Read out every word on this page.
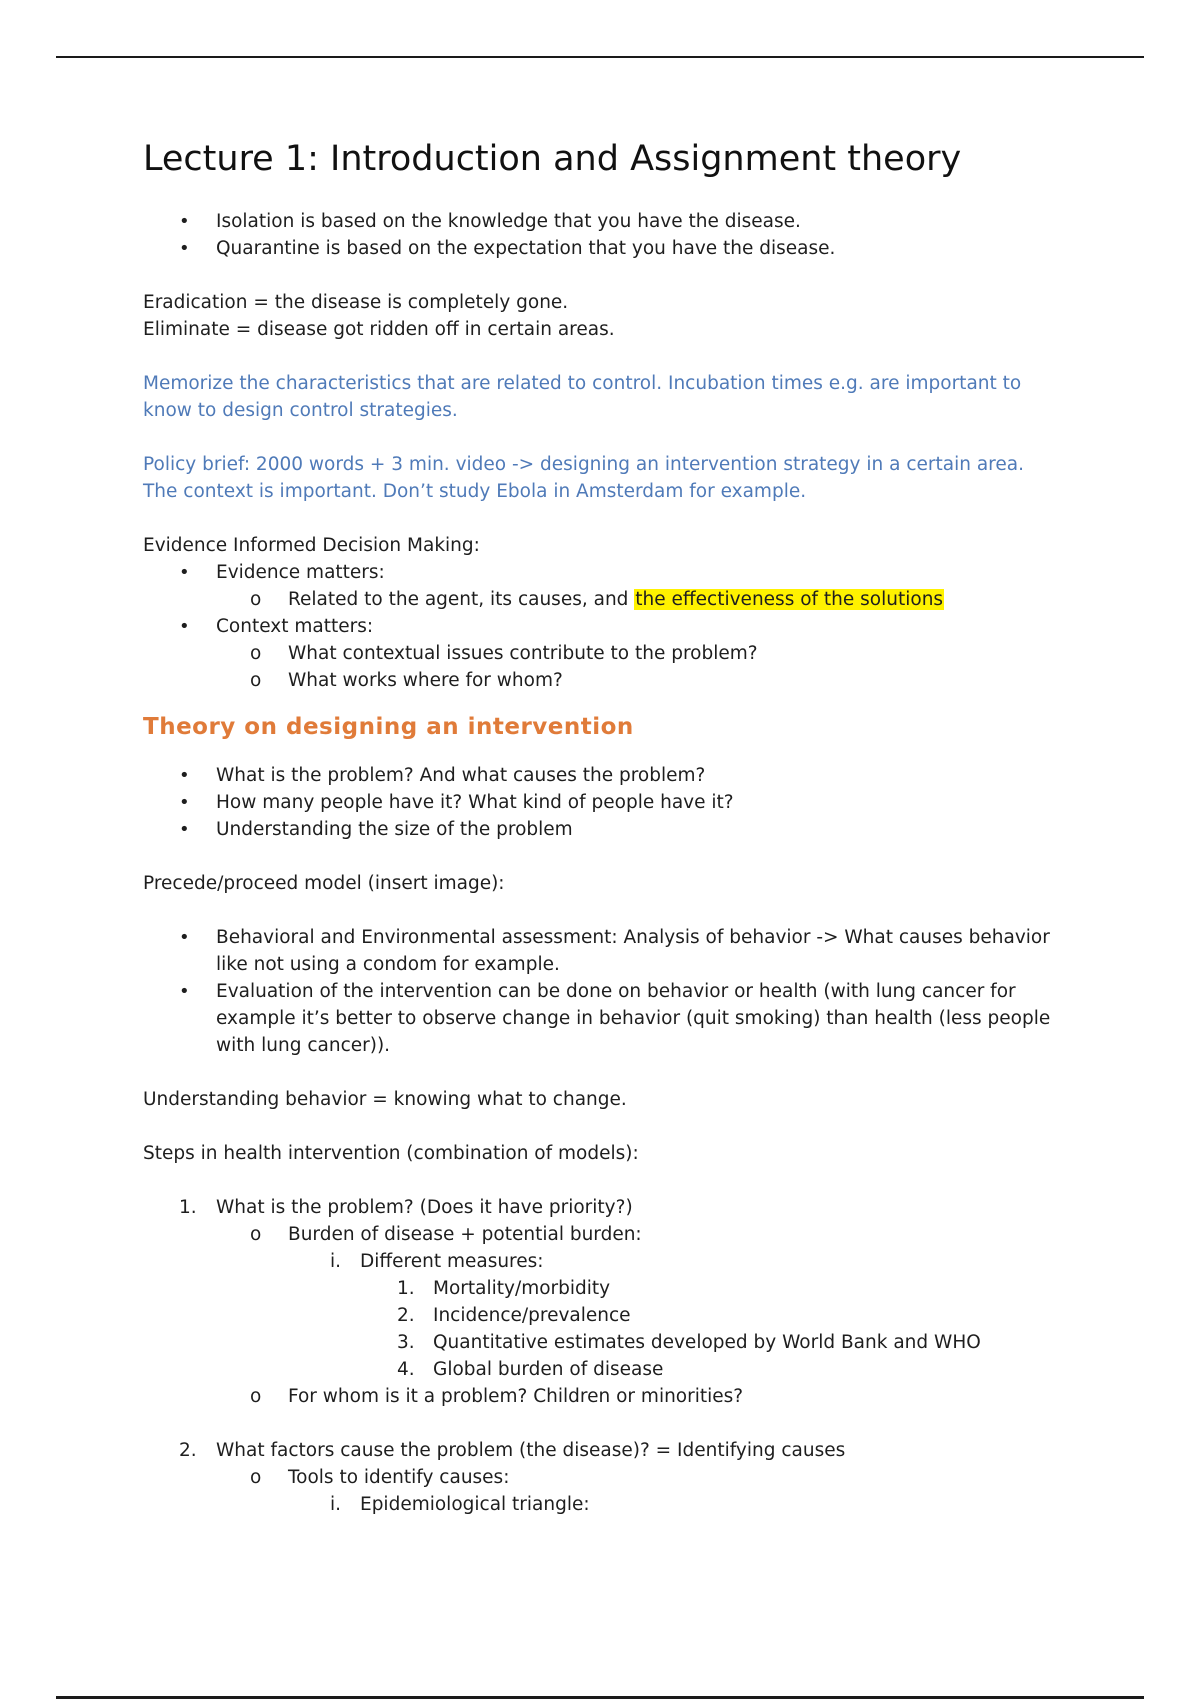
Lecture 1: Introduction and Assignment theory
• Isolation is based on the knowledge that you have the disease.
• Quarantine is based on the expectation that you have the disease.

Eradication = the disease is completely gone.

Eliminate = disease got ridden off in certain areas.

Memorize the characteristics that are related to control. Incubation times e.g. are important to know to design control strategies.

Policy brief: 2000 words + 3 min. video -> designing an intervention strategy in a certain area. The context is important. Don’t study Ebola in Amsterdam for example.

Evidence Informed Decision Making:

• Evidence matters:
o Related to the agent, its causes, and the effectiveness of the solutions
• Context matters:
o What contextual issues contribute to the problem?
o What works where for whom?
Theory on designing an intervention
• What is the problem? And what causes the problem?
• How many people have it? What kind of people have it?
• Understanding the size of the problem

Precede/proceed model (insert image):

• Behavioral and Environmental assessment: Analysis of behavior -> What causes behavior like not using a condom for example.
• Evaluation of the intervention can be done on behavior or health (with lung cancer for example it’s better to observe change in behavior (quit smoking) than health (less people with lung cancer)).

Understanding behavior = knowing what to change.

Steps in health intervention (combination of models):

1. What is the problem? (Does it have priority?)
o Burden of disease + potential burden:
i. Different measures:
1. Mortality/morbidity
2. Incidence/prevalence
3. Quantitative estimates developed by World Bank and WHO
4. Global burden of disease
o For whom is it a problem? Children or minorities?
2. What factors cause the problem (the disease)? = Identifying causes
o Tools to identify causes:
i. Epidemiological triangle:
